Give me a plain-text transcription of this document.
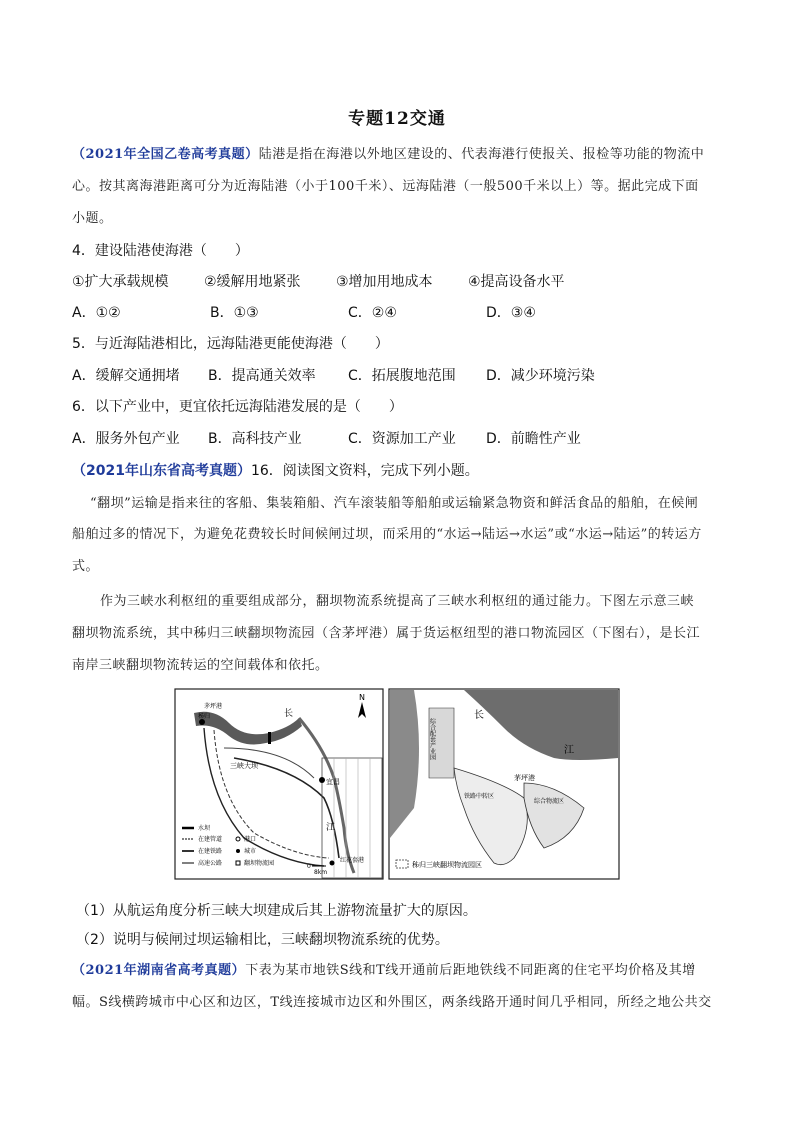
专题12交通
（2021年全国乙卷高考真题）陆港是指在海港以外地区建设的、代表海港行使报关、报检等功能的物流中
心。按其离海港距离可分为近海陆港（小于100千米）、远海陆港（一般500千米以上）等。据此完成下面
小题。
4．建设陆港使海港（　　）
①扩大承载规模	②缓解用地紧张	③增加用地成本	④提高设备水平
A．①②	B．①③	C．②④	D．③④
5．与近海陆港相比，远海陆港更能使海港（　　）
A．缓解交通拥堵 B．提高通关效率 C．拓展腹地范围 D．减少环境污染
6．以下产业中，更宜依托远海陆港发展的是（　　）
A．服务外包产业 B．高科技产业	C．资源加工产业 D．前瞻性产业
（2021年山东省高考真题）16．阅读图文资料，完成下列小题。
“翻坝”运输是指来往的客船、集装箱船、汽车滚装船等船舶或运输紧急物资和鲜活食品的船舶，在候闸
船舶过多的情况下，为避免花费较长时间候闸过坝，而采用的“水运→陆运→水运”或“水运→陆运”的转运方
式。
作为三峡水利枢纽的重要组成部分，翻坝物流系统提高了三峡水利枢纽的通过能力。下图左示意三峡
翻坝物流系统，其中秭归三峡翻坝物流园（含茅坪港）属于货运枢纽型的港口物流园区（下图右），是长江
南岸三峡翻坝物流转运的空间载体和依托。
N
长
江
三峡大坝
秭归
茅坪港
宜昌
红花套港
0
8km
水坝
在建管道
在建铁路
高速公路
港口
城市
翻坝物流园
长
江
茅坪港
综合配套产业园
铁路中转区
综合物流区
秭归三峡翻坝物流园区
（1）从航运角度分析三峡大坝建成后其上游物流量扩大的原因。
（2）说明与候闸过坝运输相比，三峡翻坝物流系统的优势。
（2021年湖南省高考真题）下表为某市地铁S线和T线开通前后距地铁线不同距离的住宅平均价格及其增
幅。S线横跨城市中心区和边区，T线连接城市边区和外围区，两条线路开通时间几乎相同，所经之地公共交
